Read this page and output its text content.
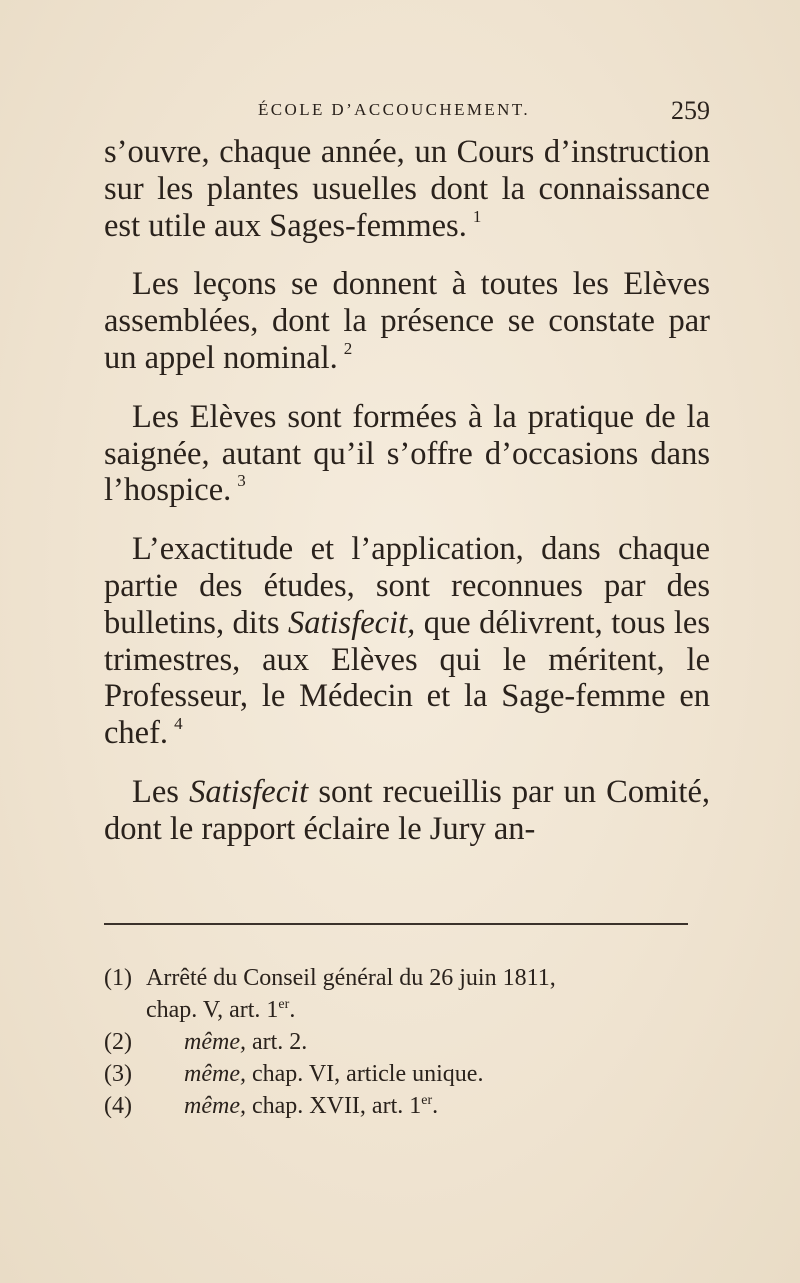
ÉCOLE D’ACCOUCHEMENT.	259

s’ouvre, chaque année, un Cours d’instruction sur les plantes usuelles dont la connaissance est utile aux Sages-femmes. $^1$

Les leçons se donnent à toutes les Elèves assemblées, dont la présence se constate par un appel nominal. $^2$

Les Elèves sont formées à la pratique de la saignée, autant qu’il s’offre d’occasions dans l’hospice. $^3$

L’exactitude et l’application, dans chaque partie des études, sont reconnues par des bulletins, dits Satisfecit, que délivrent, tous les trimestres, aux Elèves qui le méritent, le Professeur, le Médecin et la Sage-femme en chef. $^4$

Les Satisfecit sont recueillis par un Comité, dont le rapport éclaire le Jury an-

(1) Arrêté du Conseil général du 26 juin 1811,
chap. V, art. 1er.
(2) même, art. 2.
(3) même, chap. VI, article unique.
(4) même, chap. XVII, art. 1er.
